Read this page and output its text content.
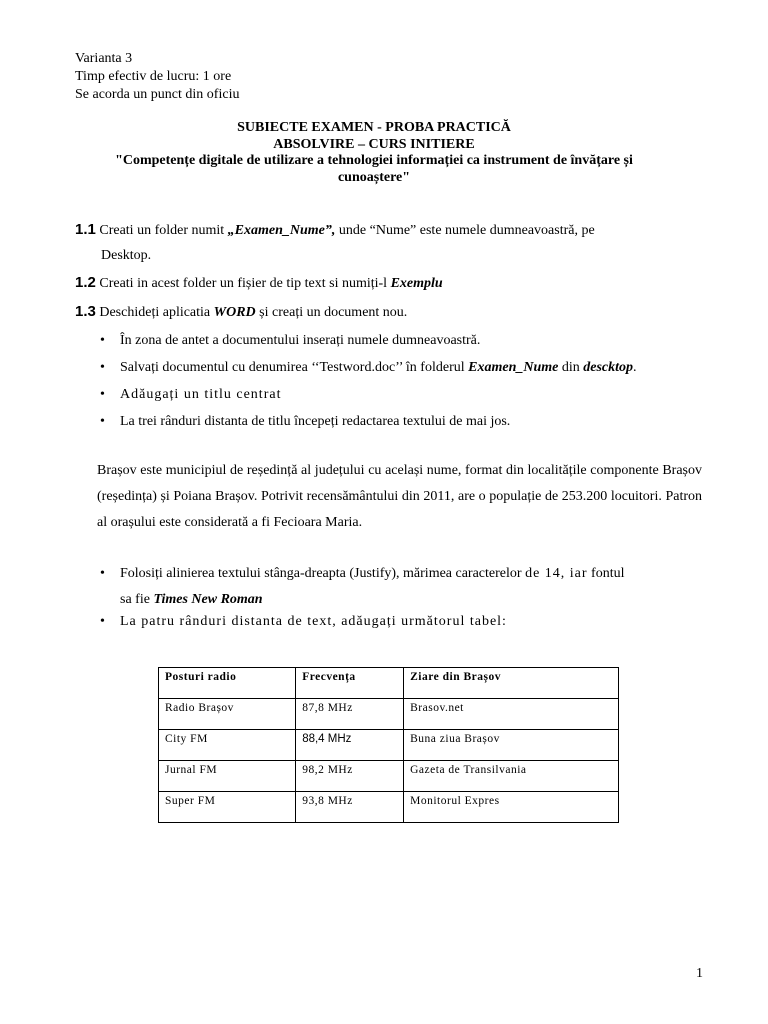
Varianta 3
Timp efectiv de lucru: 1 ore
Se acorda un punct din oficiu
SUBIECTE EXAMEN - PROBA PRACTICĂ
ABSOLVIRE – CURS INITIERE
"Competențe digitale de utilizare a tehnologiei informației ca instrument de învățare și
cunoaștere"
1.1 Creati un folder numit „Examen_Nume”, unde “Nume” este numele dumneavoastră, pe
Desktop.
1.2 Creati in acest folder un fișier de tip text si numiți-l Exemplu
1.3 Deschideți aplicatia WORD și creați un document nou.
• În zona de antet a documentului inserați numele dumneavoastră.
• Salvați documentul cu denumirea ‘‘Testword.doc’’ în folderul Examen_Nume din descktop.
• Adăugați un titlu centrat
• La trei rânduri distanta de titlu începeți redactarea textului de mai jos.
Brașov este municipiul de reședință al județului cu același nume, format din localitățile componente Brașov (reședința) și Poiana Brașov. Potrivit recensământului din 2011, are o populație de 253.200 locuitori. Patron al orașului este considerată a fi Fecioara Maria.
• Folosiți alinierea textului stânga-dreapta (Justify), mărimea caracterelor de 14, iar fontul
sa fie Times New Roman
• La patru rânduri distanta de text, adăugați următorul tabel:
Posturi radio	Frecvența	Ziare din Brașov
Radio Brașov	87,8 MHz	Brasov.net
City FM	88,4 MHz	Buna ziua Brașov
Jurnal FM	98,2 MHz	Gazeta de Transilvania
Super FM	93,8 MHz	Monitorul Expres
1
